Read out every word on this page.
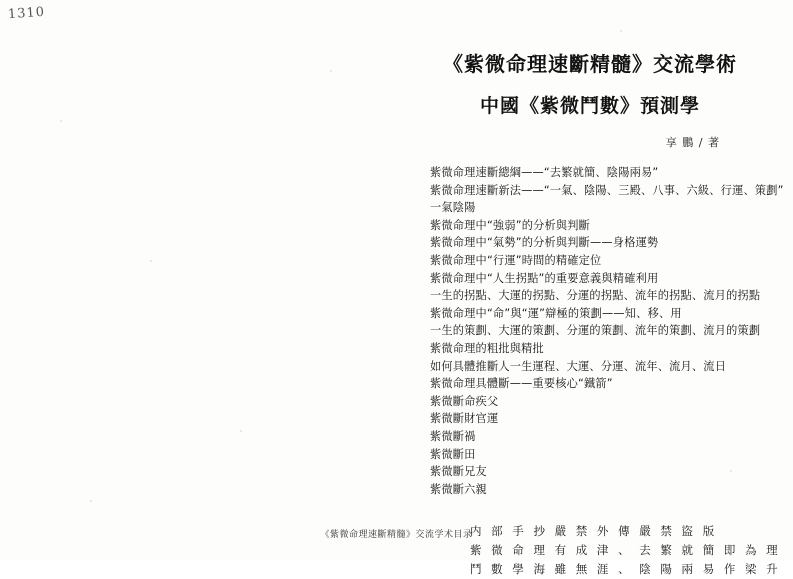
1310
《紫微命理速斷精髓》交流學術
中國《紫微鬥數》預測學
享 鵬 / 著
紫微命理速斷總綱——“去繁就簡、陰陽兩易”
紫微命理速斷新法——“一氣、陰陽、三殿、八事、六級、行運、策劃”
一氣陰陽
紫微命理中“強弱”的分析與判斷
紫微命理中“氣勢”的分析與判斷——身格運勢
紫微命理中“行運”時間的精確定位
紫微命理中“人生拐點”的重要意義與精確利用
一生的拐點、大運的拐點、分運的拐點、流年的拐點、流月的拐點
紫微命理中“命”與“運”辯極的策劃——知、移、用
一生的策劃、大運的策劃、分運的策劃、流年的策劃、流月的策劃
紫微命理的粗批與精批
如何具體推斷人一生運程、大運、分運、流年、流月、流日
紫微命理具體斷——重要核心“鐵箭”
紫微斷命疾父
紫微斷財官運
紫微斷禍
紫微斷田
紫微斷兄友
紫微斷六親
内 部 手 抄 嚴 禁 外 傳 嚴 禁 盜 版
紫 微 命 理 有 成 津 、 去 繁 就 簡 即 為 理
鬥 數 學 海 雖 無 涯 、 陰 陽 兩 易 作 梁 升
《紫微命理速斷精髓》交流学术目录
